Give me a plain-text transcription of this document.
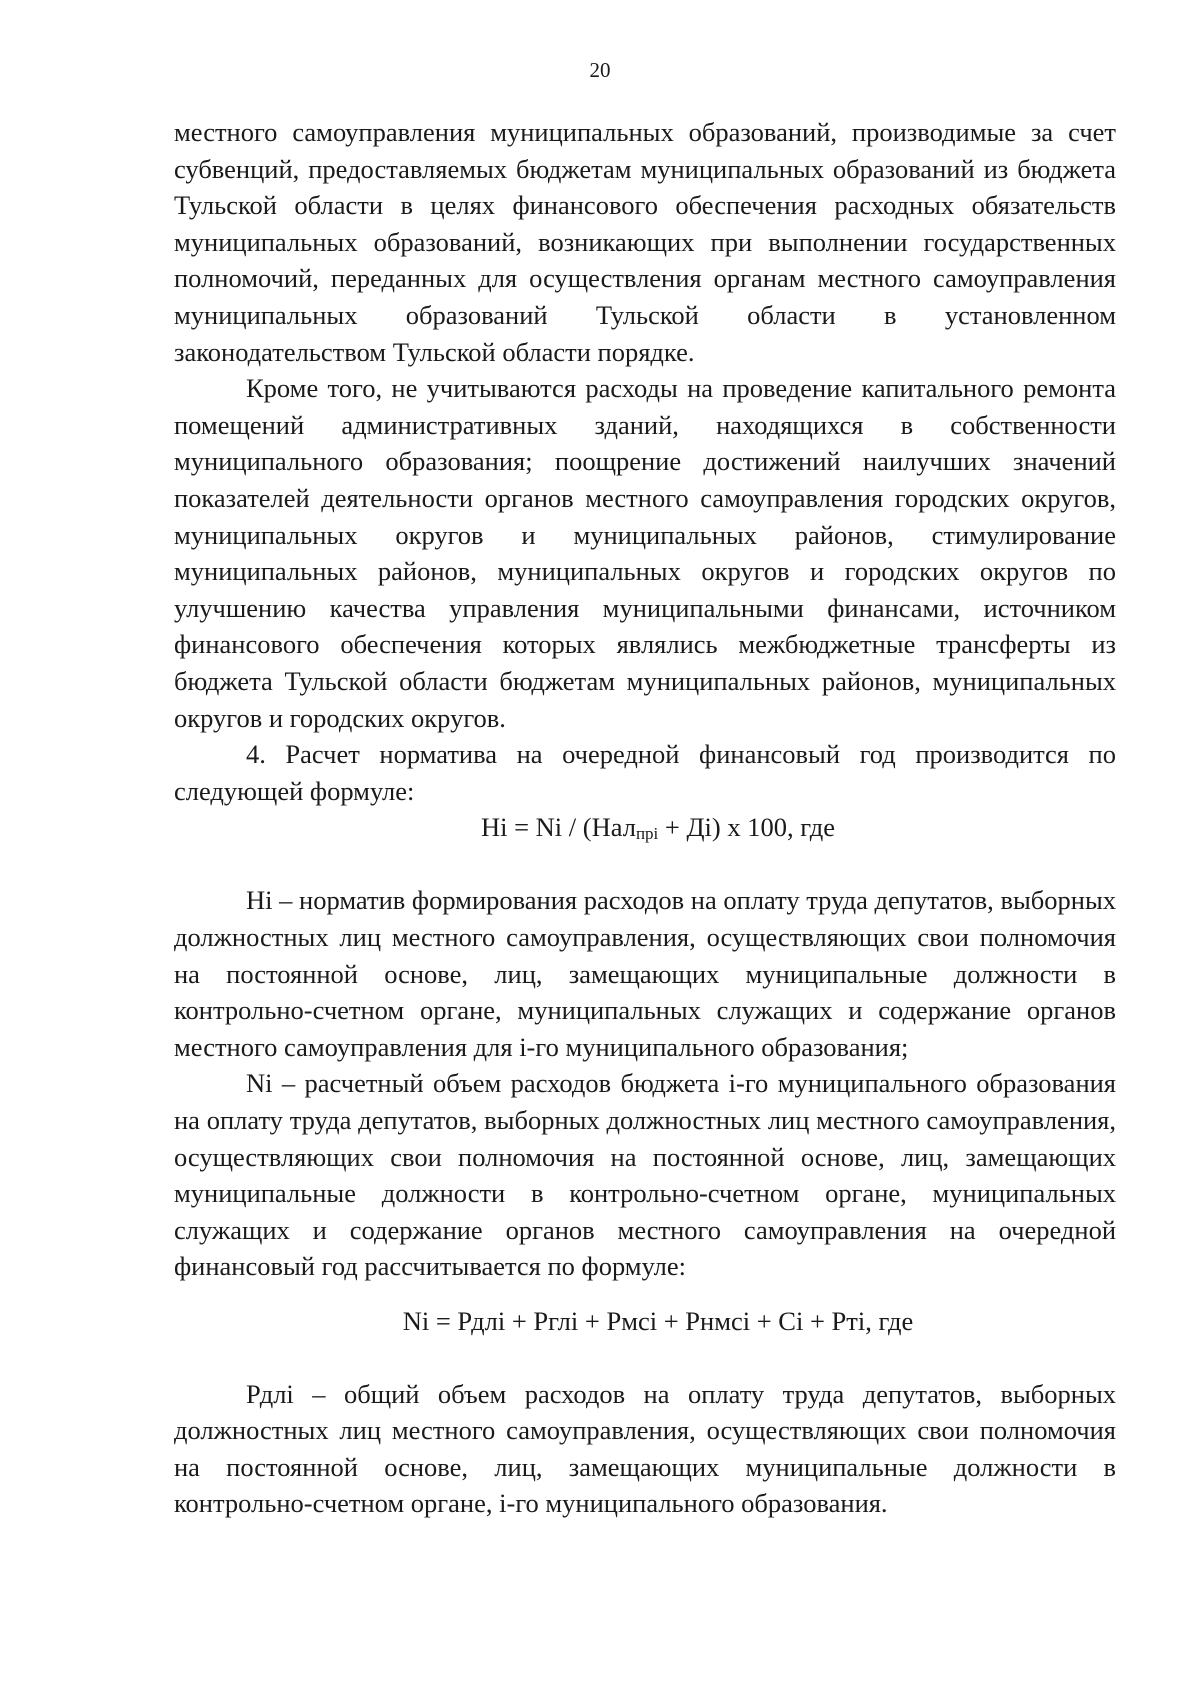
20

местного самоуправления муниципальных образований, производимые за счет субвенций, предоставляемых бюджетам муниципальных образований из бюджета Тульской области в целях финансового обеспечения расходных обязательств муниципальных образований, возникающих при выполнении государственных полномочий, переданных для осуществления органам местного самоуправления муниципальных образований Тульской области в установленном законодательством Тульской области порядке.

Кроме того, не учитываются расходы на проведение капитального ремонта помещений административных зданий, находящихся в собственности муниципального образования; поощрение достижений наилучших значений показателей деятельности органов местного самоуправления городских округов, муниципальных округов и муниципальных районов, стимулирование муниципальных районов, муниципальных округов и городских округов по улучшению качества управления муниципальными финансами, источником финансового обеспечения которых являлись межбюджетные трансферты из бюджета Тульской области бюджетам муниципальных районов, муниципальных округов и городских округов.

4. Расчет норматива на очередной финансовый год производится по следующей формуле:

Нi = Ni / (Нал$_{прi}$ + Дi) х 100, где

Нi – норматив формирования расходов на оплату труда депутатов, выборных должностных лиц местного самоуправления, осуществляющих свои полномочия на постоянной основе, лиц, замещающих муниципальные должности в контрольно-счетном органе, муниципальных служащих и содержание органов местного самоуправления для i-го муниципального образования;

Ni – расчетный объем расходов бюджета i-го муниципального образования на оплату труда депутатов, выборных должностных лиц местного самоуправления, осуществляющих свои полномочия на постоянной основе, лиц, замещающих муниципальные должности в контрольно-счетном органе, муниципальных служащих и содержание органов местного самоуправления на очередной финансовый год рассчитывается по формуле:

Ni = Рдлi + Рглi + Рмсi + Рнмсi + Сi + Ртi, где

Рдлi – общий объем расходов на оплату труда депутатов, выборных должностных лиц местного самоуправления, осуществляющих свои полномочия на постоянной основе, лиц, замещающих муниципальные должности в контрольно-счетном органе, i-го муниципального образования.
